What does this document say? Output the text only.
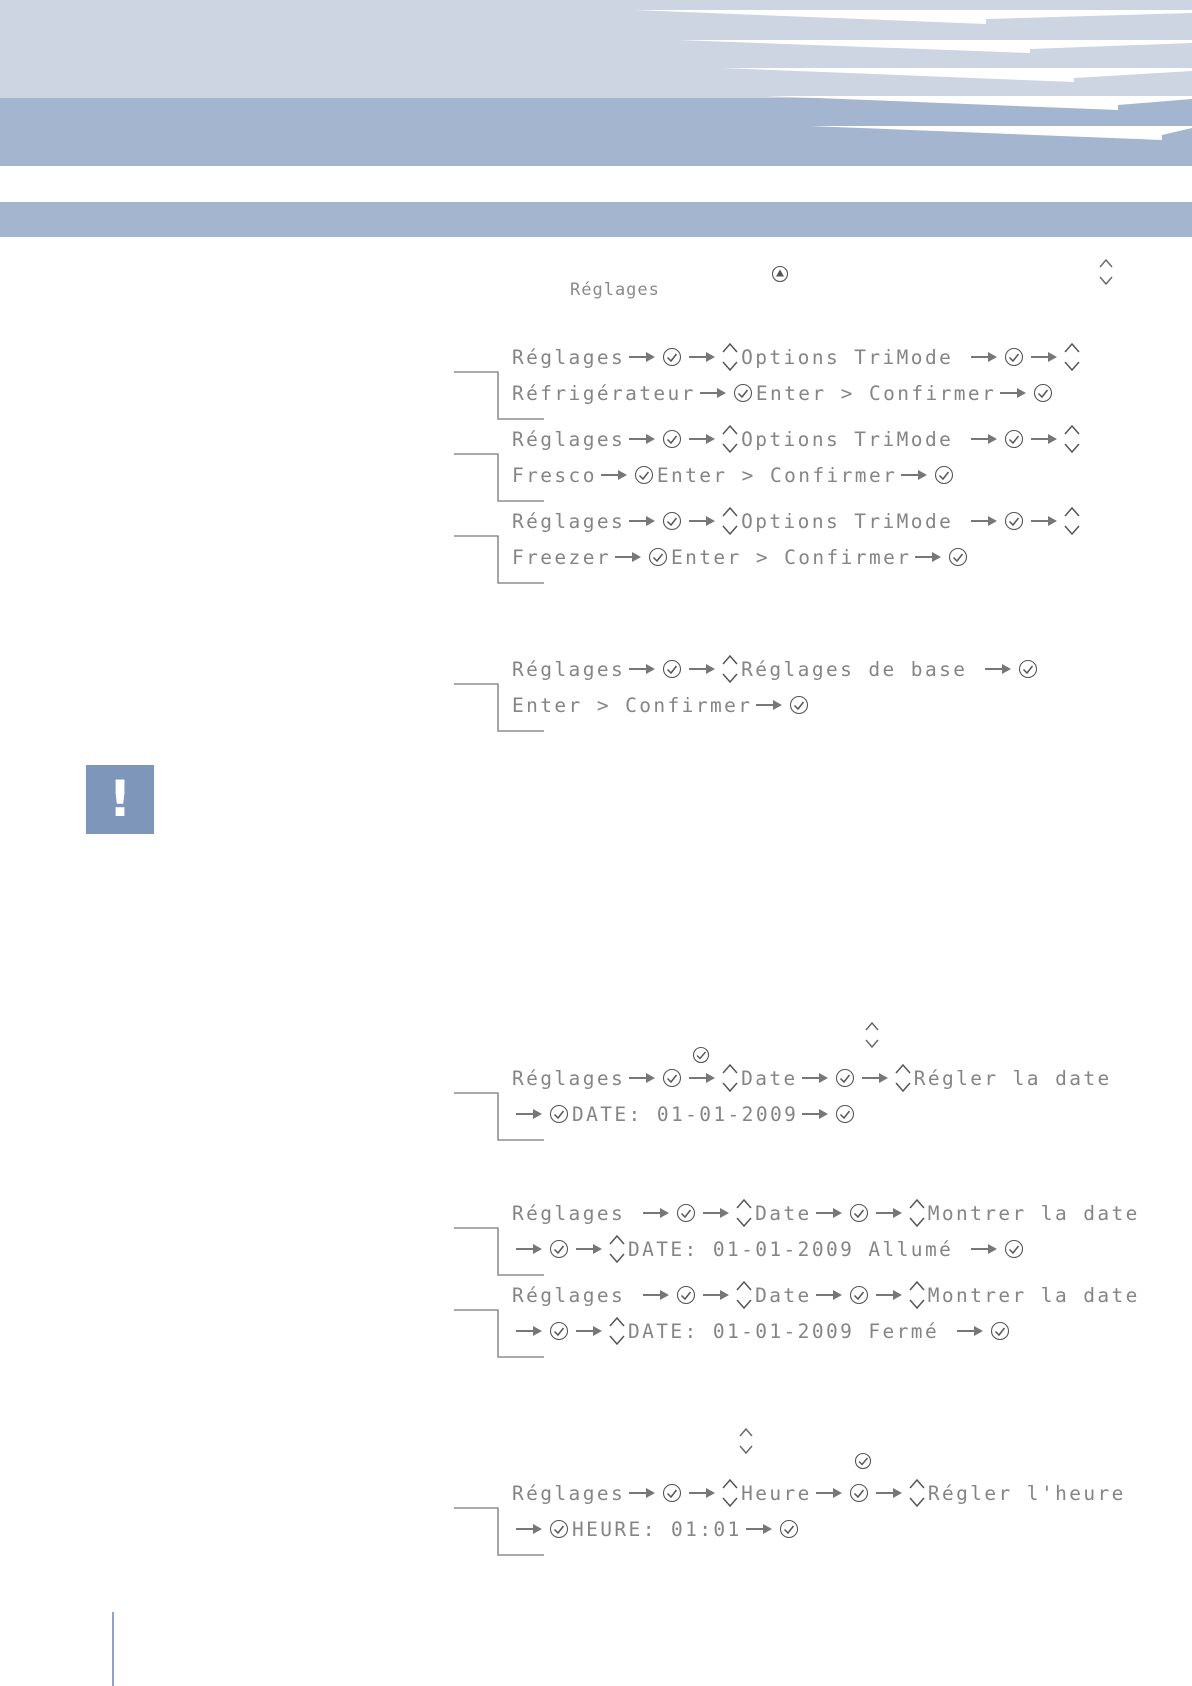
Réglages
!
Réglages	Options TriMode
Réfrigérateur	Enter > Confirmer
Réglages	Options TriMode
Fresco	Enter > Confirmer
Réglages	Options TriMode
Freezer	Enter > Confirmer
Réglages	Réglages de base
Enter > Confirmer
Réglages	Date	Régler la date
DATE: 01-01-2009
Réglages	Date	Montrer la date
DATE: 01-01-2009 Allumé
Réglages	Date	Montrer la date
DATE: 01-01-2009 Fermé
Réglages	Heure	Régler l'heure
HEURE: 01:01
